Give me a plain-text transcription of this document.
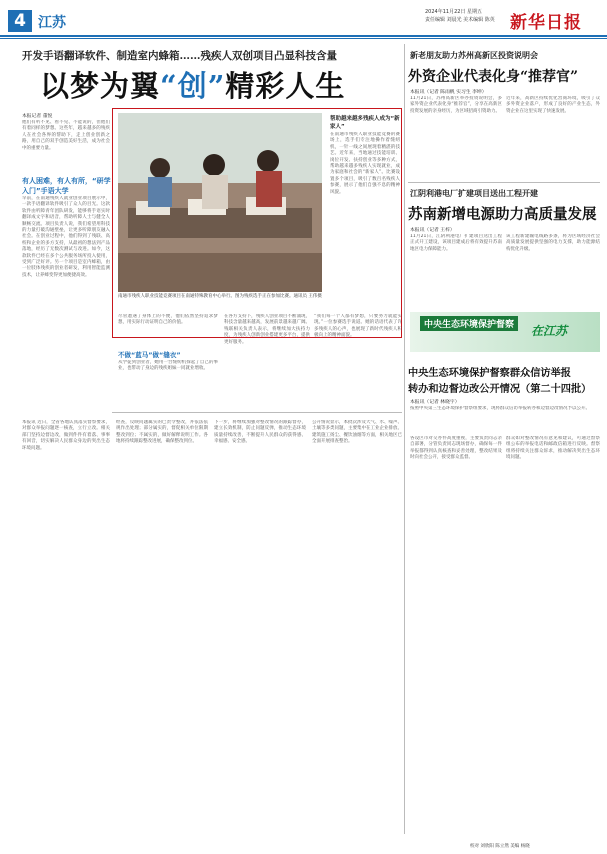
4 江苏
2024年11月22日 星期五
责任编辑 刘晨光 美术编辑 陈英 新华日报
开发手语翻译软件、制造室内蜂箱……残疾人双创项目凸显科技含量
以梦为翼“创”精彩人生
本报记者 董悦
他们有听不见、看不见、不能说的，但他们有着同样的梦想。这些年，越来越多的残疾人在社会各界的帮助下，走上创业创新之路，用自己的双手创造美好生活，成为社会中的重要力量。
有人困难，有人有所，“研学入门”手语大学
早前，在南通残疾人就业创业项目展示中，一款手语翻译软件吸引了众人的目光。这款软件由听障青年团队研发，能够将手语实时翻译成文字和语音，帮助听障人士与健全人顺畅交流。项目负责人说，我们希望用科技的力量打破沟通壁垒，让更多听障朋友融入社会。在创业过程中，他们得到了残联、高校和企业的多方支持，从最初的想法到产品落地，经历了无数次测试与改进。如今，这款软件已经在多个公共服务场所投入使用，受到广泛好评。另一个项目是室内蜂箱，由一位肢体残疾的创业者研发，利用智能监测技术，让养蜂变得更加便捷高效。
南通市残疾人职业技能竞赛项目在南通特殊教育中心举行。图为残疾选手正在参加比赛。通讯员 王伟摄
帮助越来越多残疾人成为“新家人”
在南通市残疾人职业技能竞赛的赛场上，选手们专注地操作着缝纫机，一针一线之间展现着精湛的技艺。近年来，当地通过技能培训、岗位开发、扶持创业等多种方式，帮助越来越多残疾人实现就业，成为家庭和社会的“新家人”。比赛设置多个项目，吸引了数百名残疾人参赛，展示了他们自强不息的精神风貌。
尽管遭遇了身体上的不便，他们依然坚持追求梦想，用实际行动证明自己的价值。
不做“蓝马”做“缝衣”
从学徒到创业者，她用一台缝纫机撑起了自己的事业，也带动了身边的残疾姐妹一同就业增收。
在各方支持下，残疾人创业项目不断涌现，科技含量越来越高，发展前景越来越广阔。残联相关负责人表示，将继续加大扶持力度，为残疾人创新创业搭建更多平台，提供更好服务。
“我们每一个人都有梦想，只要努力就能实现。”一位参赛选手说道。她的话语代表了许多残疾人的心声，也展现了新时代残疾人积极向上的精神面貌。
新老朋友助力苏州高新区投资说明会
外资企业代表化身“推荐官”
本报讯（记者 陈雨帆 实习生 李坤）
11月21日，苏州高新区举办投资说明会，多家外资企业代表化身“推荐官”，分享在高新区投资发展的亲身经历，为区域招商引资助力。
近年来，高新区持续优化营商环境，吸引了众多外资企业落户，形成了良好的产业生态，外资企业在这里实现了快速发展。
江阴利港电厂扩建项目送出工程开建
苏南新增电源助力高质量发展
本报讯（记者 王梓）
11月21日，江阴利港电厂扩建项目送出工程正式开工建设，该项目建成后将有效提升苏南地区电力保障能力。
该工程新建输电线路多条，将为区域经济社会高质量发展提供坚强的电力支撑，助力能源结构优化升级。
中央生态环境保护督察	在江苏
中央生态环境保护督察群众信访举报
转办和边督边改公开情况（第二十四批）
本报讯（记者 林晓宇）
按照中央第三生态环境保护督察组要求，现将群众信访举报转办和边督边改情况予以公开。
本报讯 近日，全省各地认真落实督察要求，对群众举报问题逐一核查，立行立改。相关部门坚持边督边改，做到件件有着落、事事有回音，切实解决人民群众身边的突出生态环境问题。
经查，反映问题属实的已责令整改，并依法依规作出处理；部分属实的，督促相关单位限期整改到位；不属实的，做好解释说明工作。各地将持续跟踪整改进展，确保整改到位。
下一步，将继续加强对整改情况的跟踪督办，建立长效机制，防止问题反弹，推动生态环境质量持续改善，不断提升人民群众的获得感、幸福感、安全感。
公开情况显示，本批次涉及大气、水、噪声、土壤等多类问题，主要集中在工业企业排放、建筑施工扬尘、餐饮油烟等方面，相关地区已全面开展排查整治。
各设区市对交办件高度重视，主要负责同志亲自部署，分管负责同志现场督办，确保每一件举报都得到认真核查和妥善处理，整改结果及时向社会公开，接受群众监督。
群众如对整改情况有意见和建议，可通过督察组公布的举报电话和邮政信箱进行反映。督察组将持续关注群众诉求，推动解决突出生态环境问题。
校对 刘欣阳 陈立然 美编 杨晓
